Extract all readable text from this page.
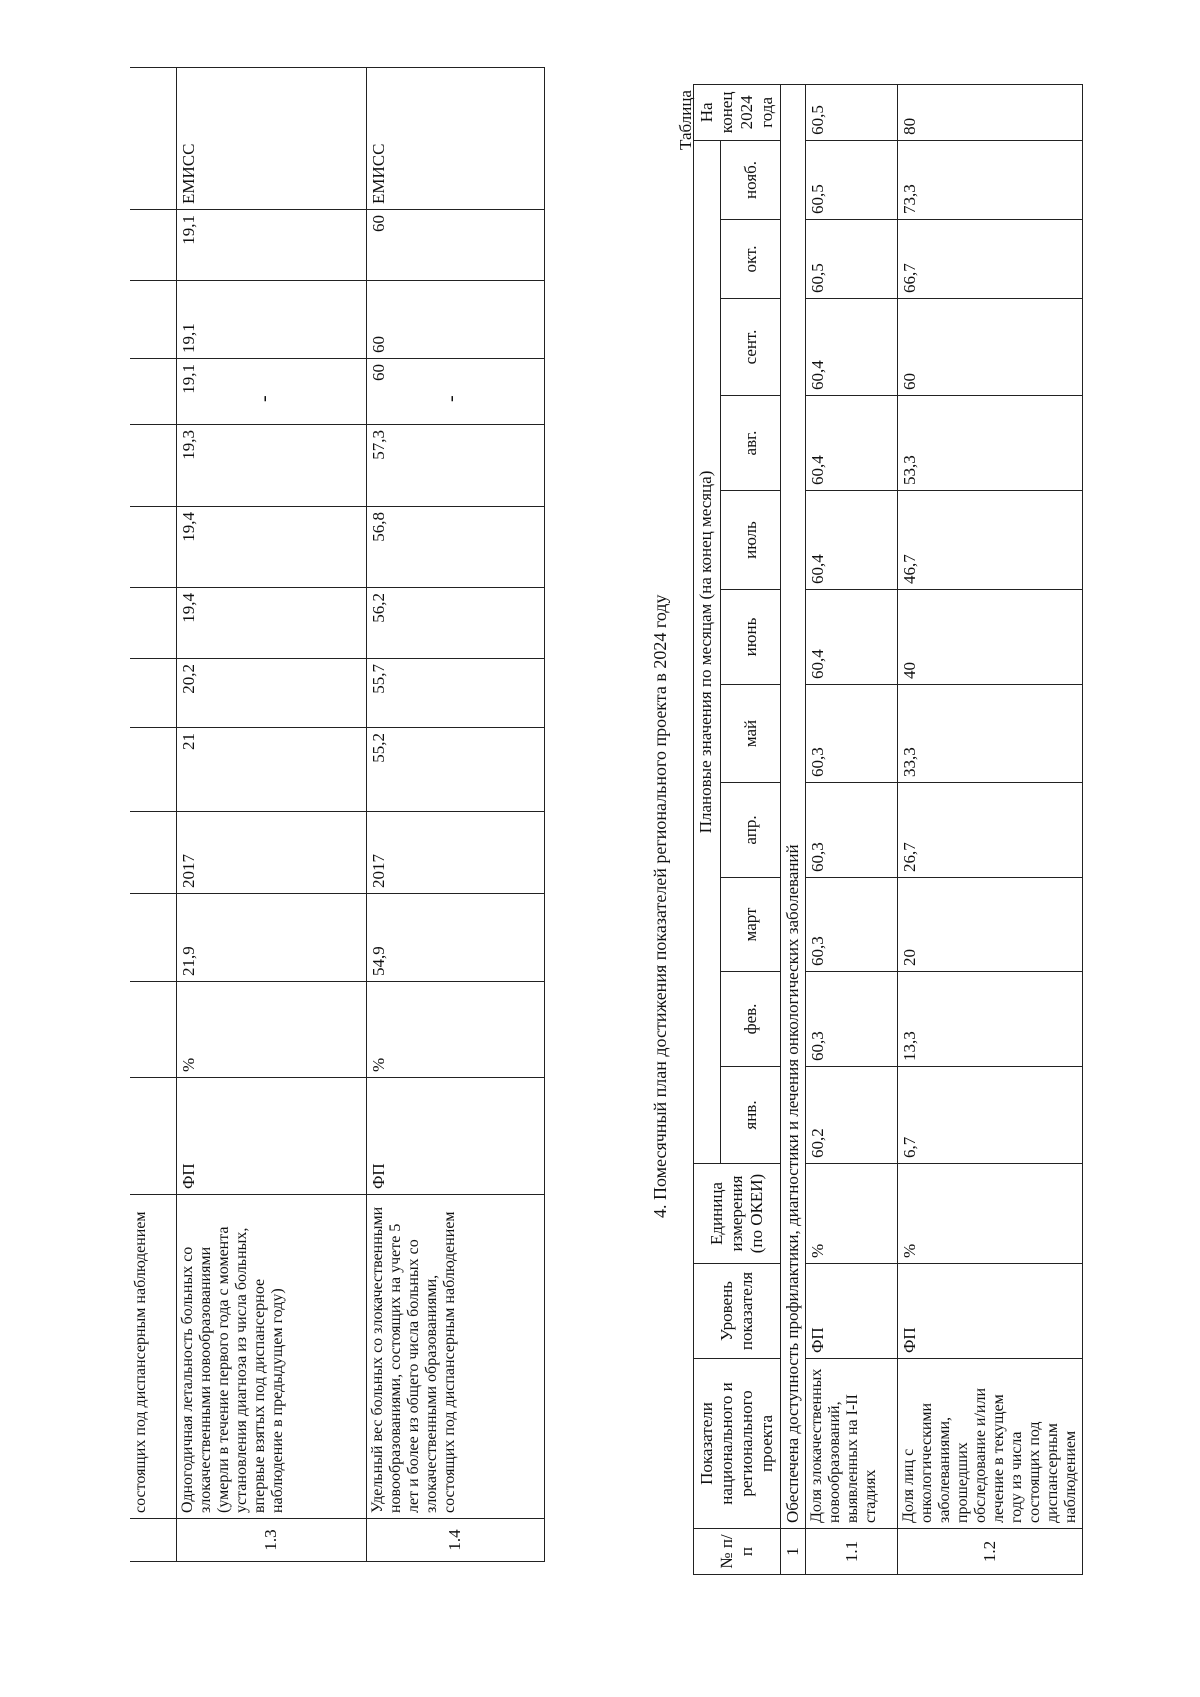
	состоящих под диспансерным наблюдением													
1.3	Одногодичная летальность больных со злокачественными новообразованиями (умерли в течение первого года с момента установления диагноза из числа больных, впервые взятых под диспансерное наблюдение в предыдущем году)	ФП	%	21,9	2017	21	20,2	19,4	19,4	19,3	19,1	19,1	19,1	ЕМИСС
1.4	Удельный вес больных со злокачественными новообразованиями, состоящих на учете 5 лет и более из общего числа больных со злокачественными образованиями, состоящих под диспансерным наблюдением	ФП	%	54,9	2017	55,2	55,7	56,2	56,8	57,3	60	60	60	ЕМИСС
-	-
4. Помесячный план достижения показателей регионального проекта в 2024 году
Таблица
№ п/п	Показатели национального и регионального проекта	Уровень показателя	Единица измерения (по ОКЕИ)	Плановые значения по месяцам (на конец месяца)											На конец 2024 года
				янв.	фев.	март	апр.	май	июнь	июль	авг.	сент.	окт.	нояб.	
1	Обеспечена доступность профилактики, диагностики и лечения онкологических заболеваний														
1.1	Доля злокачественных новообразований, выявленных на I-II стадиях	ФП	%	60,2	60,3	60,3	60,3	60,3	60,4	60,4	60,4	60,4	60,5	60,5	60,5
1.2	Доля лиц с онкологическими заболеваниями, прошедших обследование и/или лечение в текущем году из числа состоящих под диспансерным наблюдением	ФП	%	6,7	13,3	20	26,7	33,3	40	46,7	53,3	60	66,7	73,3	80
